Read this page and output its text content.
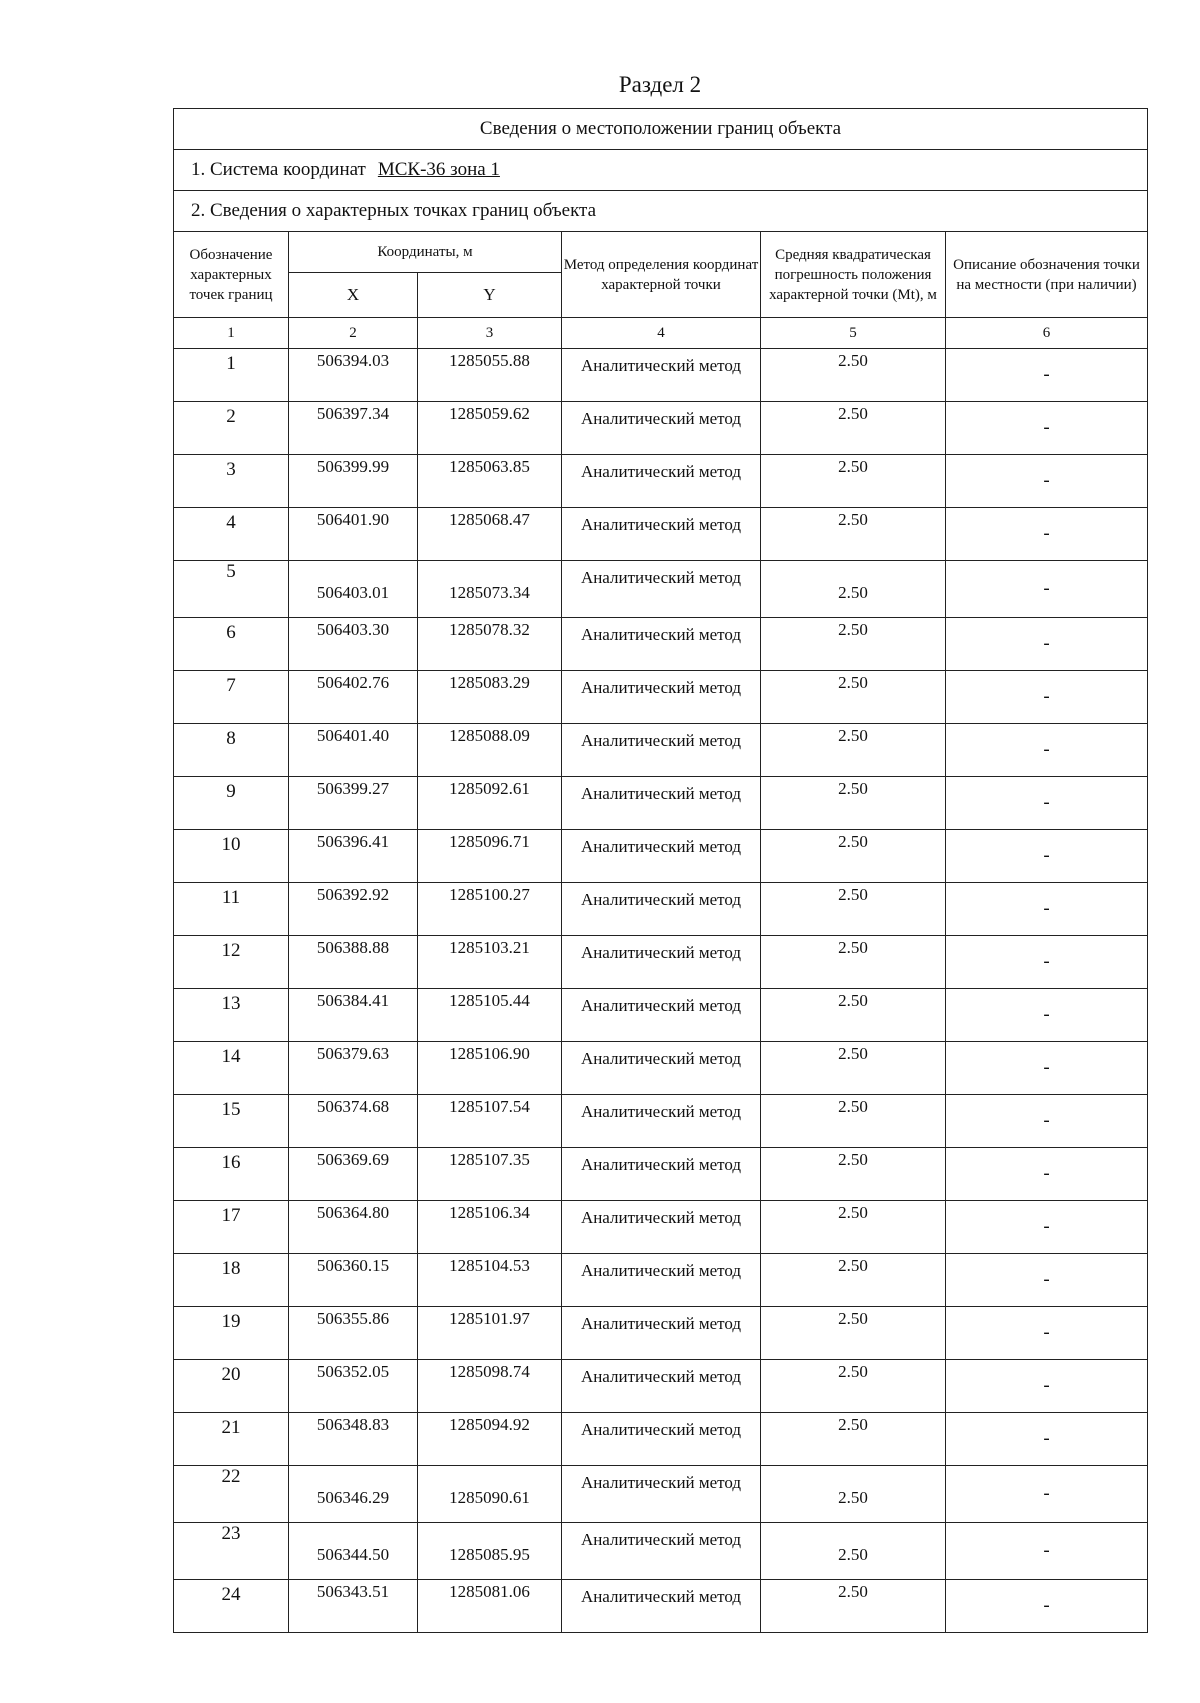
Раздел 2
Сведения о местоположении границ объекта					
1. Система координат МСК-36 зона 1					
2. Сведения о характерных точках границ объекта					
Обозначение характерных точек границ	Координаты, м		Метод определения координат характерной точки	Средняя квадратическая погрешность положения характерной точки (Mt), м	Описание обозначения точки на местности (при наличии)
	X	Y			
1	2	3	4	5	6
1	506394.03	1285055.88	Аналитический метод	2.50	-
2	506397.34	1285059.62	Аналитический метод	2.50	-
3	506399.99	1285063.85	Аналитический метод	2.50	-
4	506401.90	1285068.47	Аналитический метод	2.50	-
5	506403.01	1285073.34	Аналитический метод	2.50	-
6	506403.30	1285078.32	Аналитический метод	2.50	-
7	506402.76	1285083.29	Аналитический метод	2.50	-
8	506401.40	1285088.09	Аналитический метод	2.50	-
9	506399.27	1285092.61	Аналитический метод	2.50	-
10	506396.41	1285096.71	Аналитический метод	2.50	-
11	506392.92	1285100.27	Аналитический метод	2.50	-
12	506388.88	1285103.21	Аналитический метод	2.50	-
13	506384.41	1285105.44	Аналитический метод	2.50	-
14	506379.63	1285106.90	Аналитический метод	2.50	-
15	506374.68	1285107.54	Аналитический метод	2.50	-
16	506369.69	1285107.35	Аналитический метод	2.50	-
17	506364.80	1285106.34	Аналитический метод	2.50	-
18	506360.15	1285104.53	Аналитический метод	2.50	-
19	506355.86	1285101.97	Аналитический метод	2.50	-
20	506352.05	1285098.74	Аналитический метод	2.50	-
21	506348.83	1285094.92	Аналитический метод	2.50	-
22	506346.29	1285090.61	Аналитический метод	2.50	-
23	506344.50	1285085.95	Аналитический метод	2.50	-
24	506343.51	1285081.06	Аналитический метод	2.50	-
